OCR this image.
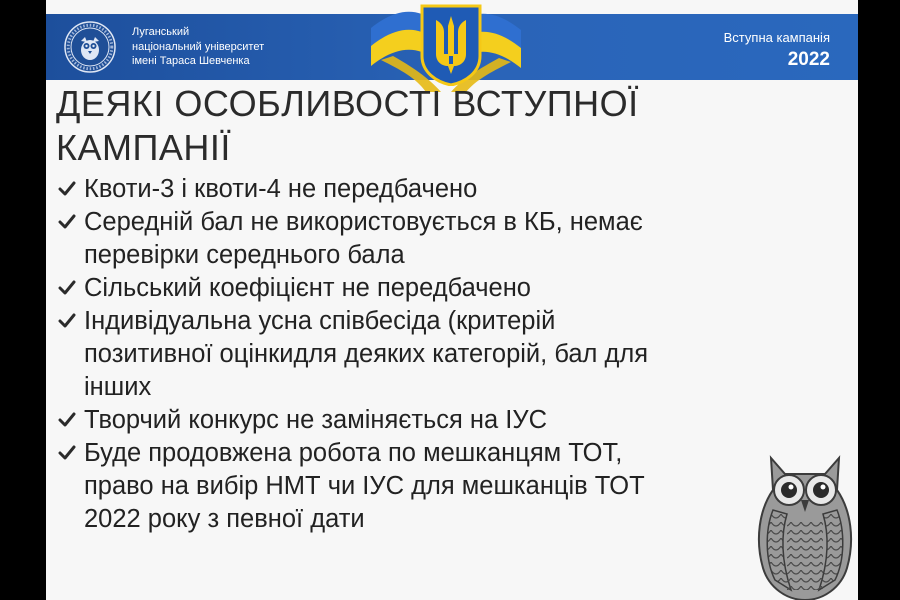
Луганський
національний університет
імені Тараса Шевченка
Вступна кампанія
2022
ДЕЯКІ ОСОБЛИВОСТІ ВСТУПНОЇ
КАМПАНІЇ
Квоти-3 і квоти-4 не передбачено
Середній бал не використовується в КБ, немає
перевірки середнього бала
Сільський коефіцієнт не передбачено
Індивідуальна усна співбесіда (критерій
позитивної оцінкидля деяких категорій, бал для
інших
Творчий конкурс не заміняється на ІУС
Буде продовжена робота по мешканцям ТОТ,
право на вибір НМТ чи ІУС для мешканців ТОТ
2022 року з певної дати
